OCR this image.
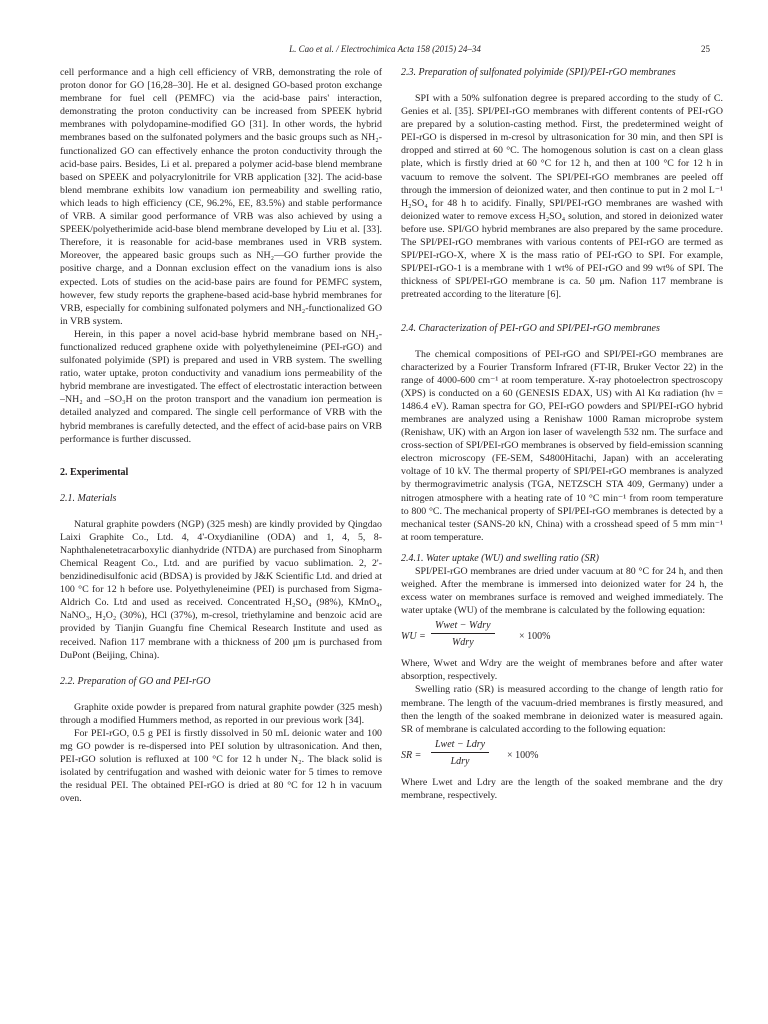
L. Cao et al. / Electrochimica Acta 158 (2015) 24–34	25

cell performance and a high cell efficiency of VRB, demonstrating the role of proton donor for GO [16,28–30]. He et al. designed GO-based proton exchange membrane for fuel cell (PEMFC) via the acid-base pairs' interaction, demonstrating the proton conductivity can be increased from SPEEK hybrid membranes with polydopamine-modified GO [31]. In other words, the hybrid membranes based on the sulfonated polymers and the basic groups such as NH₂-functionalized GO can effectively enhance the proton conductivity through the acid-base pairs. Besides, Li et al. prepared a polymer acid-base blend membrane based on SPEEK and polyacrylonitrile for VRB application [32]. The acid-base blend membrane exhibits low vanadium ion permeability and swelling ratio, which leads to high efficiency (CE, 96.2%, EE, 83.5%) and stable performance of VRB. A similar good performance of VRB was also achieved by using a SPEEK/polyetherimide acid-base blend membrane developed by Liu et al. [33]. Therefore, it is reasonable for acid-base membranes used in VRB system. Moreover, the appeared basic groups such as NH₂—GO further provide the positive charge, and a Donnan exclusion effect on the vanadium ions is also expected. Lots of studies on the acid-base pairs are found for PEMFC system, however, few study reports the graphene-based acid-base hybrid membranes for VRB, especially for combining sulfonated polymers and NH₂-functionalized GO in VRB system.

Herein, in this paper a novel acid-base hybrid membrane based on NH₂-functionalized reduced graphene oxide with polyethyleneimine (PEI-rGO) and sulfonated polyimide (SPI) is prepared and used in VRB system. The swelling ratio, water uptake, proton conductivity and vanadium ions permeability of the hybrid membrane are investigated. The effect of electrostatic interaction between –NH₂ and –SO₃H on the proton transport and the vanadium ion permeation is detailed analyzed and compared. The single cell performance of VRB with the hybrid membranes is carefully detected, and the effect of acid-base pairs on VRB performance is further discussed.

2. Experimental
2.1. Materials

Natural graphite powders (NGP) (325 mesh) are kindly provided by Qingdao Laixi Graphite Co., Ltd. 4, 4'-Oxydianiline (ODA) and 1, 4, 5, 8-Naphthalenetetracarboxylic dianhydride (NTDA) are purchased from Sinopharm Chemical Reagent Co., Ltd. and are purified by vacuo sublimation. 2, 2'-benzidinedisulfonic acid (BDSA) is provided by J&K Scientific Ltd. and dried at 100 °C for 12 h before use. Polyethyleneimine (PEI) is purchased from Sigma-Aldrich Co. Ltd and used as received. Concentrated H₂SO₄ (98%), KMnO₄, NaNO₃, H₂O₂ (30%), HCl (37%), m-cresol, triethylamine and benzoic acid are provided by Tianjin Guangfu fine Chemical Research Institute and used as received. Nafion 117 membrane with a thickness of 200 μm is purchased from DuPont (Beijing, China).

2.2. Preparation of GO and PEI-rGO

Graphite oxide powder is prepared from natural graphite powder (325 mesh) through a modified Hummers method, as reported in our previous work [34].

For PEI-rGO, 0.5 g PEI is firstly dissolved in 50 mL deionic water and 100 mg GO powder is re-dispersed into PEI solution by ultrasonication. And then, PEI-rGO solution is refluxed at 100 °C for 12 h under N₂. The black solid is isolated by centrifugation and washed with deionic water for 5 times to remove the residual PEI. The obtained PEI-rGO is dried at 80 °C for 12 h in vacuum oven.

2.3. Preparation of sulfonated polyimide (SPI)/PEI-rGO membranes

SPI with a 50% sulfonation degree is prepared according to the study of C. Genies et al. [35]. SPI/PEI-rGO membranes with different contents of PEI-rGO are prepared by a solution-casting method. First, the predetermined weight of PEI-rGO is dispersed in m-cresol by ultrasonication for 30 min, and then SPI is dropped and stirred at 60 °C. The homogenous solution is cast on a clean glass plate, which is firstly dried at 60 °C for 12 h, and then at 100 °C for 12 h in vacuum to remove the solvent. The SPI/PEI-rGO membranes are peeled off through the immersion of deionized water, and then continue to put in 2 mol L⁻¹ H₂SO₄ for 48 h to acidify. Finally, SPI/PEI-rGO membranes are washed with deionized water to remove excess H₂SO₄ solution, and stored in deionized water before use. SPI/GO hybrid membranes are also prepared by the same procedure. The SPI/PEI-rGO membranes with various contents of PEI-rGO are termed as SPI/PEI-rGO-X, where X is the mass ratio of PEI-rGO to SPI. For example, SPI/PEI-rGO-1 is a membrane with 1 wt% of PEI-rGO and 99 wt% of SPI. The thickness of SPI/PEI-rGO membrane is ca. 50 μm. Nafion 117 membrane is pretreated according to the literature [6].

2.4. Characterization of PEI-rGO and SPI/PEI-rGO membranes

The chemical compositions of PEI-rGO and SPI/PEI-rGO membranes are characterized by a Fourier Transform Infrared (FT-IR, Bruker Vector 22) in the range of 4000-600 cm⁻¹ at room temperature. X-ray photoelectron spectroscopy (XPS) is conducted on a 60 (GENESIS EDAX, US) with Al Kα radiation (hν = 1486.4 eV). Raman spectra for GO, PEI-rGO powders and SPI/PEI-rGO hybrid membranes are analyzed using a Renishaw 1000 Raman microprobe system (Renishaw, UK) with an Argon ion laser of wavelength 532 nm. The surface and cross-section of SPI/PEI-rGO membranes is observed by field-emission scanning electron microscopy (FE-SEM, S4800Hitachi, Japan) with an accelerating voltage of 10 kV. The thermal property of SPI/PEI-rGO membranes is analyzed by thermogravimetric analysis (TGA, NETZSCH STA 409, Germany) under a nitrogen atmosphere with a heating rate of 10 °C min⁻¹ from room temperature to 800 °C. The mechanical property of SPI/PEI-rGO membranes is detected by a mechanical tester (SANS-20 kN, China) with a crosshead speed of 5 mm min⁻¹ at room temperature.

2.4.1. Water uptake (WU) and swelling ratio (SR)

SPI/PEI-rGO membranes are dried under vacuum at 80 °C for 24 h, and then weighed. After the membrane is immersed into deionized water for 24 h, the excess water on membranes surface is removed and weighed immediately. The water uptake (WU) of the membrane is calculated by the following equation:

WU =
Wwet − Wdry
Wdry
× 100%

Where, Wwet and Wdry are the weight of membranes before and after water absorption, respectively.

Swelling ratio (SR) is measured according to the change of length ratio for membrane. The length of the vacuum-dried membranes is firstly measured, and then the length of the soaked membrane in deionized water is measured again. SR of membrane is calculated according to the following equation:

SR =
Lwet − Ldry
Ldry
× 100%

Where Lwet and Ldry are the length of the soaked membrane and the dry membrane, respectively.
